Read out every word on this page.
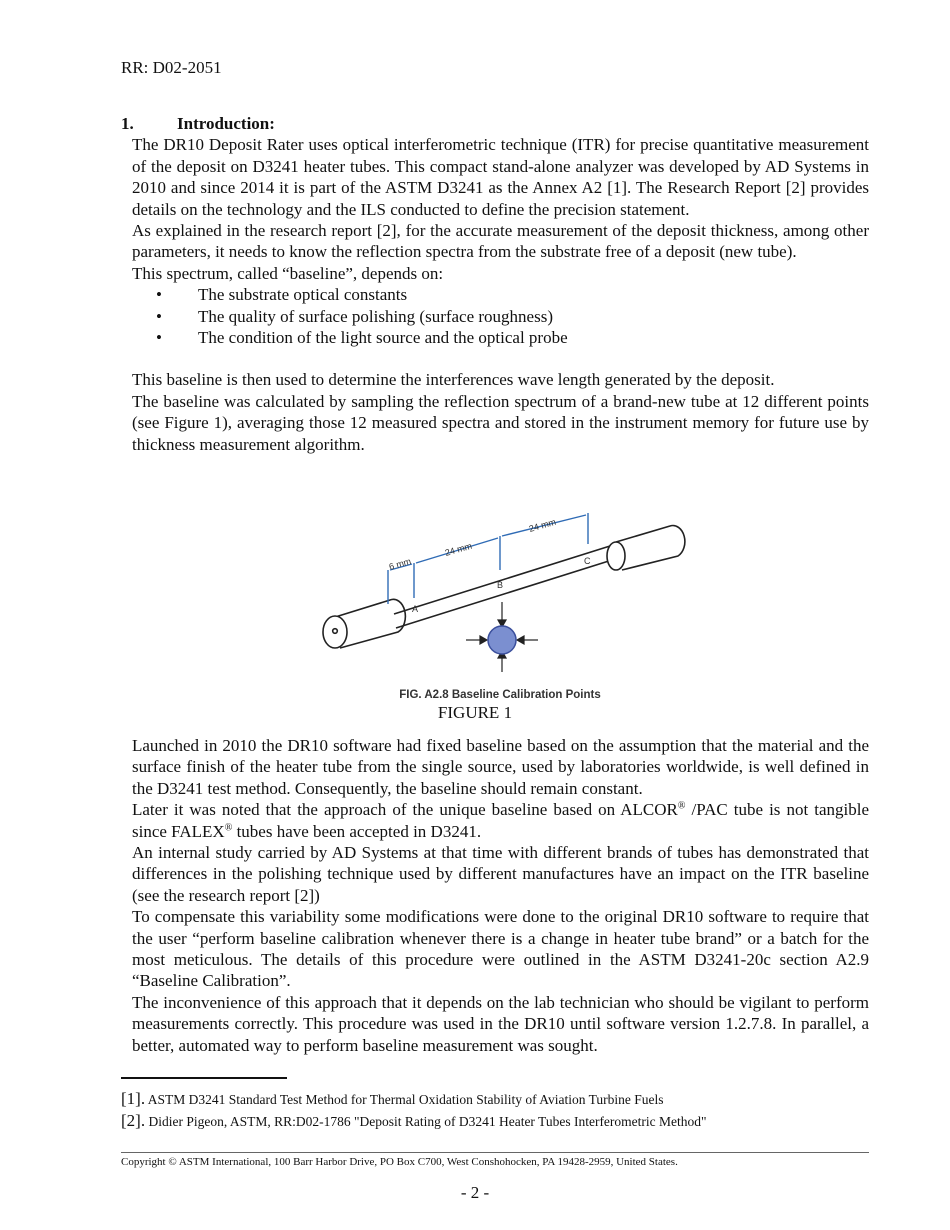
RR: D02-2051
1.	Introduction:

The DR10 Deposit Rater uses optical interferometric technique (ITR) for precise quantitative measurement of the deposit on D3241 heater tubes. This compact stand-alone analyzer was developed by AD Systems in 2010 and since 2014 it is part of the ASTM D3241 as the Annex A2 [1]. The Research Report [2] provides details on the technology and the ILS conducted to define the precision statement.

As explained in the research report [2], for the accurate measurement of the deposit thickness, among other parameters, it needs to know the reflection spectra from the substrate free of a deposit (new tube).

This spectrum, called “baseline”, depends on:

• The substrate optical constants
• The quality of surface polishing (surface roughness)
• The condition of the light source and the optical probe

This baseline is then used to determine the interferences wave length generated by the deposit.

The baseline was calculated by sampling the reflection spectrum of a brand-new tube at 12 different points (see Figure 1), averaging those 12 measured spectra and stored in the instrument memory for future use by thickness measurement algorithm.

6 mm
24 mm
24 mm
A
B
C
FIG. A2.8 Baseline Calibration Points
FIGURE 1

Launched in 2010 the DR10 software had fixed baseline based on the assumption that the material and the surface finish of the heater tube from the single source, used by laboratories worldwide, is well defined in the D3241 test method. Consequently, the baseline should remain constant.

Later it was noted that the approach of the unique baseline based on ALCOR® /PAC tube is not tangible since FALEX® tubes have been accepted in D3241.

An internal study carried by AD Systems at that time with different brands of tubes has demonstrated that differences in the polishing technique used by different manufactures have an impact on the ITR baseline (see the research report [2])

To compensate this variability some modifications were done to the original DR10 software to require that the user “perform baseline calibration whenever there is a change in heater tube brand” or a batch for the most meticulous. The details of this procedure were outlined in the ASTM D3241-20c section A2.9 “Baseline Calibration”.

The inconvenience of this approach that it depends on the lab technician who should be vigilant to perform measurements correctly. This procedure was used in the DR10 until software version 1.2.7.8. In parallel, a better, automated way to perform baseline measurement was sought.

[1]. ASTM D3241 Standard Test Method for Thermal Oxidation Stability of Aviation Turbine Fuels
[2]. Didier Pigeon, ASTM, RR:D02-1786 "Deposit Rating of D3241 Heater Tubes Interferometric Method"
Copyright © ASTM International, 100 Barr Harbor Drive, PO Box C700, West Conshohocken, PA 19428-2959, United States.
- 2 -
